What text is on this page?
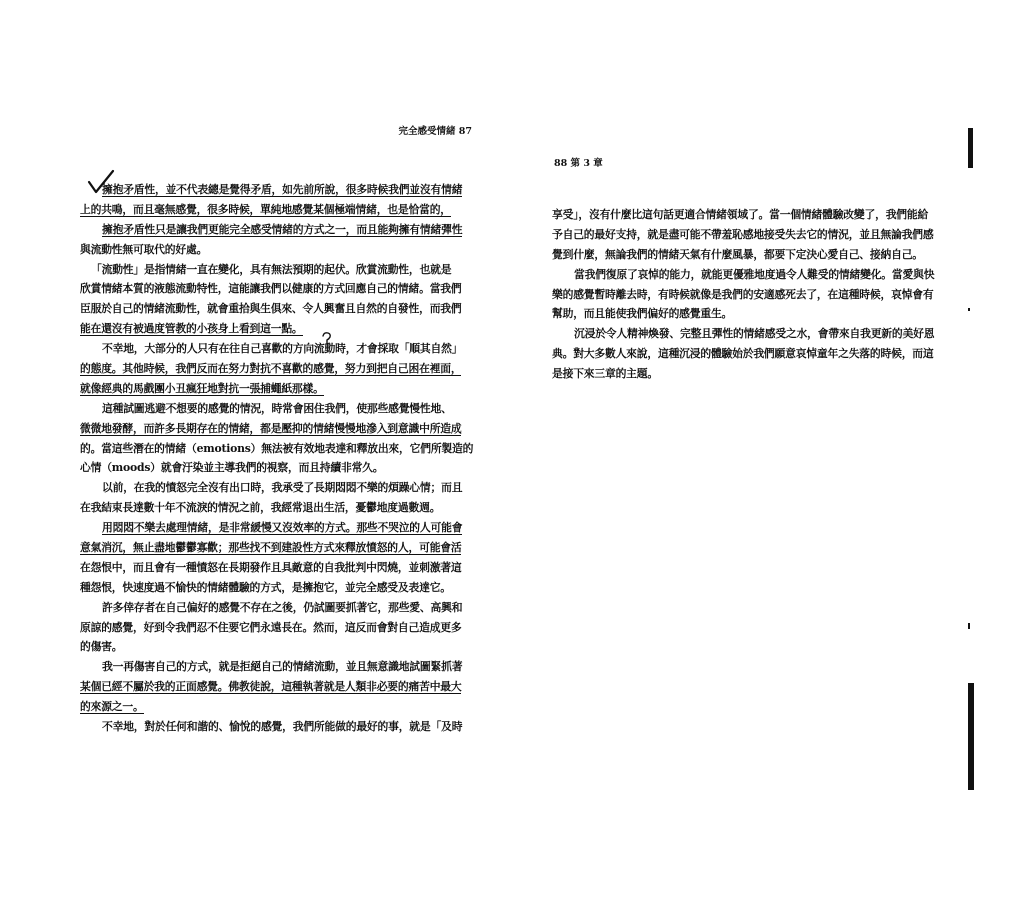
完全感受情緒 87
擁抱矛盾性，並不代表總是覺得矛盾，如先前所說，很多時候我們並沒有情緒
上的共鳴，而且毫無感覺，很多時候，單純地感覺某個極端情緒，也是恰當的，
擁抱矛盾性只是讓我們更能完全感受情緒的方式之一，而且能夠擁有情緒彈性
與流動性無可取代的好處。
「流動性」是指情緒一直在變化，具有無法預期的起伏。欣賞流動性，也就是
欣賞情緒本質的液態流動特性，這能讓我們以健康的方式回應自己的情緒。當我們
臣服於自己的情緒流動性，就會重拾與生俱來、令人興奮且自然的自發性，而我們
能在還沒有被過度管教的小孩身上看到這一點。
不幸地，大部分的人只有在往自己喜歡的方向流動時，才會採取「順其自然」
的態度。其他時候，我們反而在努力對抗不喜歡的感覺，努力到把自己困在裡面，
就像經典的馬戲團小丑瘋狂地對抗一張捕蠅紙那樣。
這種試圖逃避不想要的感覺的情況，時常會困住我們，使那些感覺慢性地、
微微地發酵，而許多長期存在的情緒，都是壓抑的情緒慢慢地滲入到意識中所造成
的。當這些潛在的情緒（emotions）無法被有效地表達和釋放出來，它們所製造的
心情（moods）就會汙染並主導我們的視察，而且持續非常久。
以前，在我的憤怒完全沒有出口時，我承受了長期悶悶不樂的煩躁心情；而且
在我結束長達數十年不流淚的情況之前，我經常退出生活，憂鬱地度過數週。
用悶悶不樂去處理情緒，是非常緩慢又沒效率的方式。那些不哭泣的人可能會
意氣消沉，無止盡地鬱鬱寡歡；那些找不到建設性方式來釋放憤怒的人，可能會活
在怨恨中，而且會有一種憤怒在長期發作且具敵意的自我批判中閃燒，並刺激著這
種怨恨，快速度過不愉快的情緒體驗的方式，是擁抱它，並完全感受及表達它。
許多倖存者在自己偏好的感覺不存在之後，仍試圖要抓著它，那些愛、高興和
原諒的感覺，好到令我們忍不住要它們永遠長在。然而，這反而會對自己造成更多
的傷害。
我一再傷害自己的方式，就是拒絕自己的情緒流動，並且無意識地試圖緊抓著
某個已經不屬於我的正面感覺。佛教徒說，這種執著就是人類非必要的痛苦中最大
的來源之一。
不幸地，對於任何和諧的、愉悅的感覺，我們所能做的最好的事，就是「及時
88 第 3 章
享受」，沒有什麼比這句話更適合情緒領域了。當一個情緒體驗改變了，我們能給
予自己的最好支持，就是盡可能不帶羞恥感地接受失去它的情況，並且無論我們感
覺到什麼，無論我們的情緒天氣有什麼風暴，都要下定決心愛自己、接納自己。
當我們復原了哀悼的能力，就能更優雅地度過令人難受的情緒變化。當愛與快
樂的感覺暫時離去時，有時候就像是我們的安適感死去了，在這種時候，哀悼會有
幫助，而且能使我們偏好的感覺重生。
沉浸於令人精神煥發、完整且彈性的情緒感受之水，會帶來自我更新的美好恩
典。對大多數人來說，這種沉浸的體驗始於我們願意哀悼童年之失落的時候，而這
是接下來三章的主題。
